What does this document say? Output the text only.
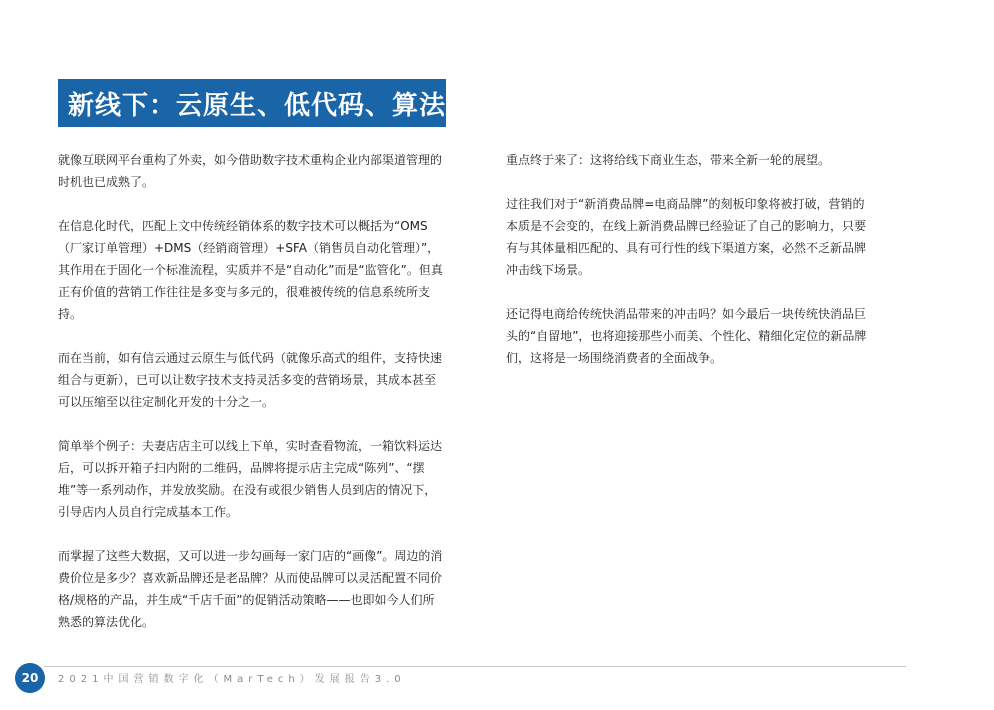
新线下：云原生、低代码、算法

就像互联网平台重构了外卖，如今借助数字技术重构企业内部渠道管理的时机也已成熟了。

在信息化时代，匹配上文中传统经销体系的数字技术可以概括为“OMS（厂家订单管理）+DMS（经销商管理）+SFA（销售员自动化管理）”，其作用在于固化一个标准流程，实质并不是“自动化”而是“监管化”。但真正有价值的营销工作往往是多变与多元的，很难被传统的信息系统所支持。

而在当前，如有信云通过云原生与低代码（就像乐高式的组件，支持快速组合与更新），已可以让数字技术支持灵活多变的营销场景，其成本甚至可以压缩至以往定制化开发的十分之一。

简单举个例子：夫妻店店主可以线上下单，实时查看物流，一箱饮料运达后，可以拆开箱子扫内附的二维码，品牌将提示店主完成“陈列”、“摆堆”等一系列动作，并发放奖励。在没有或很少销售人员到店的情况下，引导店内人员自行完成基本工作。

而掌握了这些大数据，又可以进一步勾画每一家门店的“画像”。周边的消费价位是多少？喜欢新品牌还是老品牌？从而使品牌可以灵活配置不同价格/规格的产品，并生成“千店千面”的促销活动策略——也即如今人们所熟悉的算法优化。

重点终于来了：这将给线下商业生态，带来全新一轮的展望。

过往我们对于“新消费品牌=电商品牌”的刻板印象将被打破，营销的本质是不会变的，在线上新消费品牌已经验证了自己的影响力，只要有与其体量相匹配的、具有可行性的线下渠道方案，必然不乏新品牌冲击线下场景。

还记得电商给传统快消品带来的冲击吗？如今最后一块传统快消品巨头的“自留地”，也将迎接那些小而美、个性化、精细化定位的新品牌们，这将是一场围绕消费者的全面战争。

20	2021中国营销数字化（MarTech）发展报告3.0
